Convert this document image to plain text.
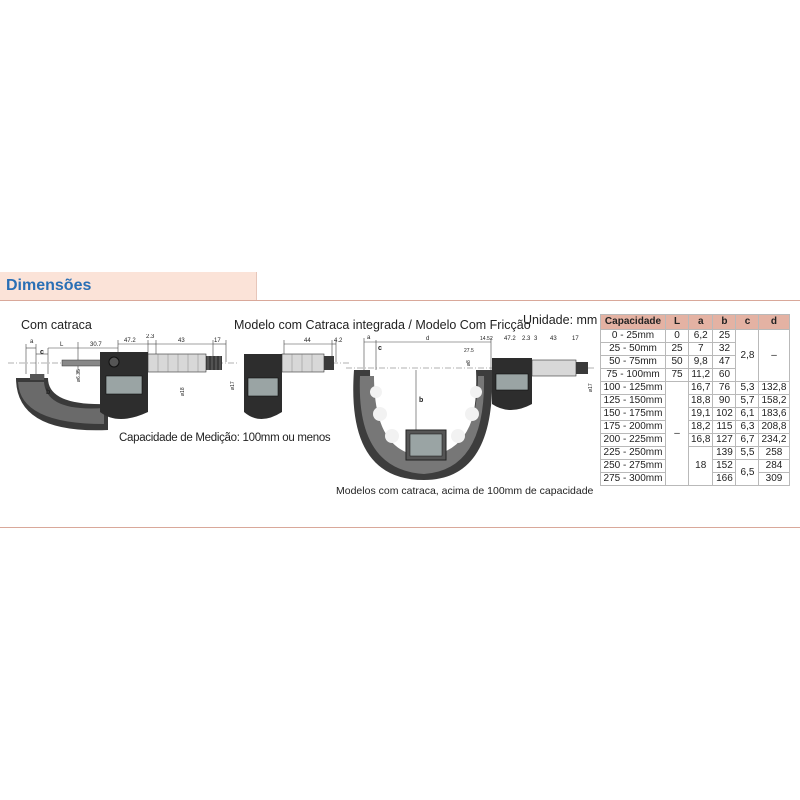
Dimensões
Com catraca	Modelo com Catraca integrada / Modelo Com Fricção
Unidade: mm
Capacidade de Medição: 100mm ou menos
Modelos com catraca, acima de 100mm de capacidade
a	L
c
b
30.7
47.2
2.3
43	17
ø6.35
ø18
ø17
44	4.2	a
c
d
b
27.5
14.5 2 47.2 2.3 3 43	17
ø8
ø17
Capacidade	L	a	b	c	d
0 - 25mm	0	6,2	25	2,8	–
25 - 50mm	25	7	32		
50 - 75mm	50	9,8	47		
75 - 100mm	75	11,2	60		
100 - 125mm	–	16,7	76	5,3	132,8
125 - 150mm		18,8	90	5,7	158,2
150 - 175mm		19,1	102	6,1	183,6
175 - 200mm		18,2	115	6,3	208,8
200 - 225mm		16,8	127	6,7	234,2
225 - 250mm		18	139	5,5	258
250 - 275mm			152	6,5	284
275 - 300mm			166		309
